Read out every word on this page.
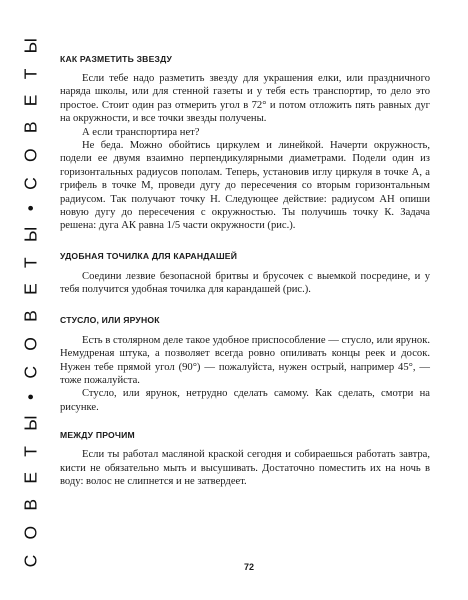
С О В Е Т Ы • С О В Е Т Ы • С О В Е Т Ы КАК РАЗМЕТИТЬ ЗВЕЗДУ

Если тебе надо разметить звезду для украшения елки, или праздничного наряда школы, или для стенной газеты и у тебя есть транспортир, то дело это простое. Стоит один раз отмерить угол в 72° и потом отложить пять равных дуг на окружности, и все точки звезды получены.

А если транспортира нет?

Не беда. Можно обойтись циркулем и линейкой. Начерти окружность, подели ее двумя взаимно перпендикулярными диаметрами. Подели один из горизонтальных радиусов пополам. Теперь, установив иглу циркуля в точке А, а грифель в точке М, проведи дугу до пересечения со вторым горизонтальным радиусом. Так получают точку Н. Следующее действие: радиусом АН опиши новую дугу до пересечения с окружностью. Ты получишь точку К. Задача решена: дуга АК равна 1/5 части окружности (рис.).

УДОБНАЯ ТОЧИЛКА ДЛЯ КАРАНДАШЕЙ

Соедини лезвие безопасной бритвы и брусочек с выемкой посредине, и у тебя получится удобная точилка для карандашей (рис.).

СТУСЛО, ИЛИ ЯРУНОК

Есть в столярном деле такое удобное приспособление — стусло, или ярунок. Немудреная штука, а позволяет всегда ровно опиливать концы реек и досок. Нужен тебе прямой угол (90°) — пожалуйста, нужен острый, например 45°, — тоже пожалуйста.

Стусло, или ярунок, нетрудно сделать самому. Как сделать, смотри на рисунке.

МЕЖДУ ПРОЧИМ

Если ты работал масляной краской сегодня и собираешься работать завтра, кисти не обязательно мыть и высушивать. Достаточно поместить их на ночь в воду: волос не слипнется и не затвердеет.

72
